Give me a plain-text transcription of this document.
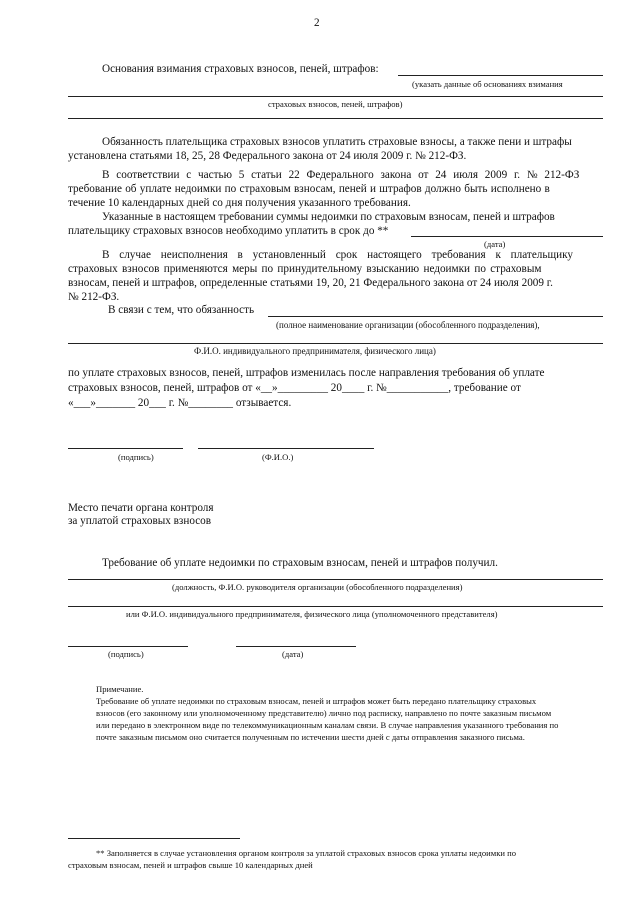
2
Основания взимания страховых взносов, пеней, штрафов:
(указать данные об основаниях взимания
страховых взносов, пеней, штрафов)
Обязанность плательщика страховых взносов уплатить страховые взносы, а также пени и штрафы
установлена статьями 18, 25, 28 Федерального закона от 24 июля 2009 г. № 212-ФЗ.
В соответствии с частью 5 статьи 22 Федерального закона от 24 июля 2009 г. № 212-ФЗ
требование об уплате недоимки по страховым взносам, пеней и штрафов должно быть исполнено в
течение 10 календарных дней со дня получения указанного требования.
Указанные в настоящем требовании суммы недоимки по страховым взносам, пеней и штрафов
плательщику страховых взносов необходимо уплатить в срок до **
(дата)
В случае неисполнения в установленный срок настоящего требования к плательщику
страховых взносов применяются меры по принудительному взысканию недоимки по страховым
взносам, пеней и штрафов, определенные статьями 19, 20, 21 Федерального закона от 24 июля 2009 г.
№ 212-ФЗ.
В связи с тем, что обязанность
(полное наименование организации (обособленного подразделения),
Ф.И.О. индивидуального предпринимателя, физического лица)
по уплате страховых взносов, пеней, штрафов изменилась после направления требования об уплате
страховых взносов, пеней, штрафов от «__»_________ 20____ г. №___________, требование от
«___»_______ 20___ г. №________ отзывается.
(подпись)	(Ф.И.О.)
Место печати органа контроля
за уплатой страховых взносов
Требование об уплате недоимки по страховым взносам, пеней и штрафов получил.
(должность, Ф.И.О. руководителя организации (обособленного подразделения)
или Ф.И.О. индивидуального предпринимателя, физического лица (уполномоченного представителя)
(подпись)	(дата)
Примечание.
Требование об уплате недоимки по страховым взносам, пеней и штрафов может быть передано плательщику страховых
взносов (его законному или уполномоченному представителю) лично под расписку, направлено по почте заказным письмом
или передано в электронном виде по телекоммуникационным каналам связи. В случае направления указанного требования по
почте заказным письмом оно считается полученным по истечении шести дней с даты отправления заказного письма.
** Заполняется в случае установления органом контроля за уплатой страховых взносов срока уплаты недоимки по
страховым взносам, пеней и штрафов свыше 10 календарных дней
